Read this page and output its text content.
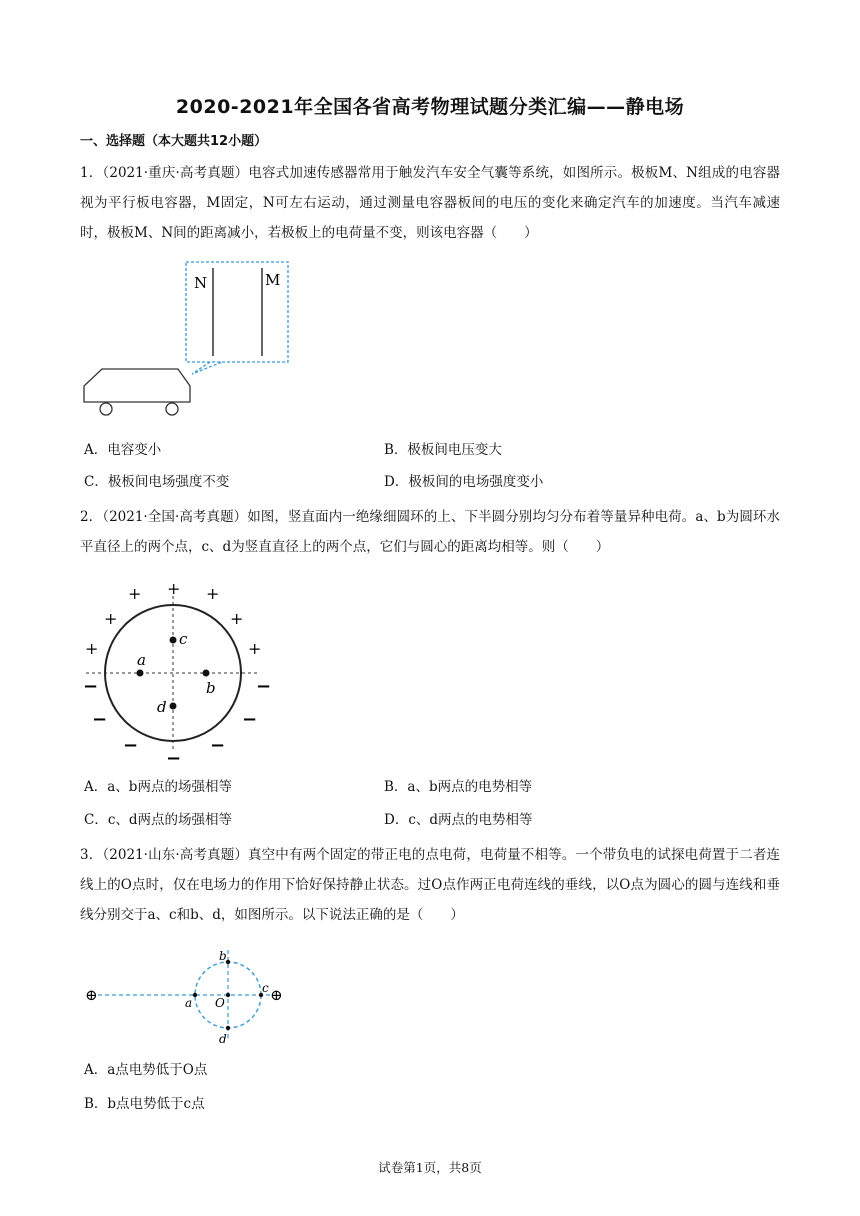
2020-2021年全国各省高考物理试题分类汇编——静电场
一、选择题（本大题共12小题）
1．（2021·重庆·高考真题）电容式加速传感器常用于触发汽车安全气囊等系统，如图所示。极板M、N组成的电容器视为平行板电容器，M固定，N可左右运动，通过测量电容器板间的电压的变化来确定汽车的加速度。当汽车减速时，极板M、N间的距离减小，若极板上的电荷量不变，则该电容器（　　）
N	M
A．电容变小	B．极板间电压变大
C．极板间电场强度不变	D．极板间的电场强度变小
2．（2021·全国·高考真题）如图，竖直面内一绝缘细圆环的上、下半圆分别均匀分布着等量异种电荷。a、b为圆环水平直径上的两个点，c、d为竖直直径上的两个点，它们与圆心的距离均相等。则（　　）
+
+	+
+	+
+	+
−	−
−	−
−	−
−
a
b
c
d
A．a、b两点的场强相等	B．a、b两点的电势相等
C．c、d两点的场强相等	D．c、d两点的电势相等
3．（2021·山东·高考真题）真空中有两个固定的带正电的点电荷，电荷量不相等。一个带负电的试探电荷置于二者连线上的O点时，仅在电场力的作用下恰好保持静止状态。过O点作两正电荷连线的垂线，以O点为圆心的圆与连线和垂线分别交于a、c和b、d，如图所示。以下说法正确的是（　　）
⊕	⊕
a
b
c
d
O
A．a点电势低于O点
B．b点电势低于c点
试卷第1页，共8页
